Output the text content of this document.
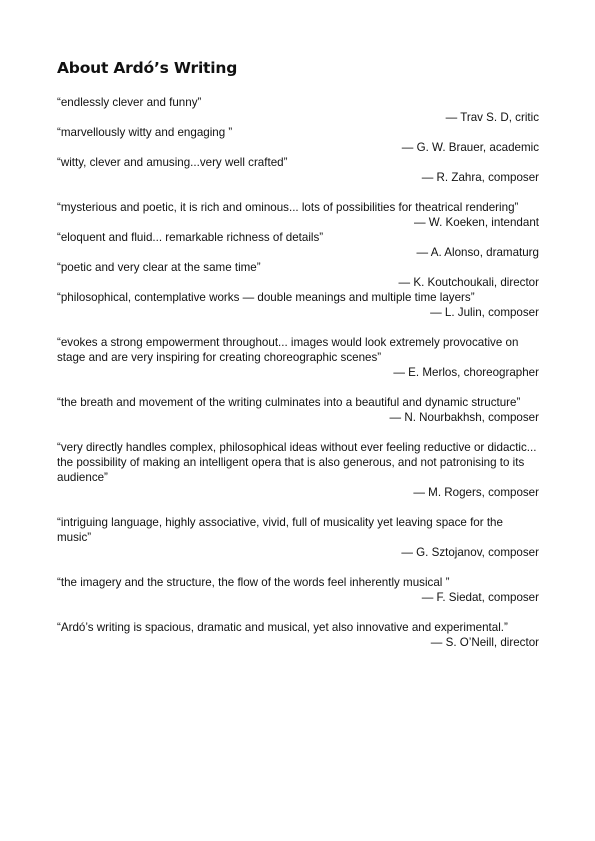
About Ardó’s Writing
“endlessly clever and funny”
— Trav S. D, critic
“marvellously witty and engaging ”
— G. W. Brauer, academic
“witty, clever and amusing...very well crafted”
— R. Zahra, composer
“mysterious and poetic, it is rich and ominous... lots of possibilities for theatrical rendering”
— W. Koeken, intendant
“eloquent and fluid... remarkable richness of details”
— A. Alonso, dramaturg
“poetic and very clear at the same time”
— K. Koutchoukali, director
“philosophical, contemplative works — double meanings and multiple time layers”
— L. Julin, composer
“evokes a strong empowerment throughout... images would look extremely provocative on stage and are very inspiring for creating choreographic scenes”
— E. Merlos, choreographer
“the breath and movement of the writing culminates into a beautiful and dynamic structure”
— N. Nourbakhsh, composer
“very directly handles complex, philosophical ideas without ever feeling reductive or didactic... the possibility of making an intelligent opera that is also generous, and not patronising to its audience”
— M. Rogers, composer
“intriguing language, highly associative, vivid, full of musicality yet leaving space for the music”
— G. Sztojanov, composer
“the imagery and the structure, the flow of the words feel inherently musical ”
— F. Siedat, composer
“Ardó’s writing is spacious, dramatic and musical, yet also innovative and experimental.”
— S. O’Neill, director
